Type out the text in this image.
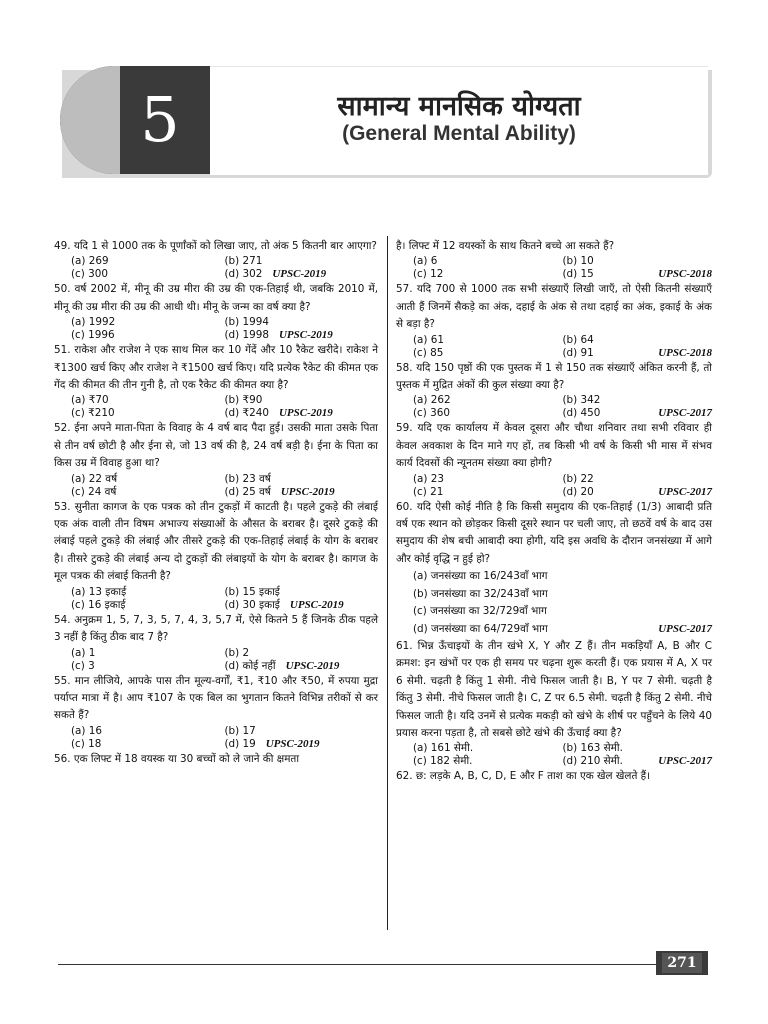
5	सामान्य मानसिक योग्यता
(General Mental Ability)
49. यदि 1 से 1000 तक के पूर्णांकों को लिखा जाए, तो अंक 5 कितनी बार आएगा?
(a) 269	(b) 271
(c) 300	(d) 302 UPSC-2019
50. वर्ष 2002 में, मीनू की उम्र मीरा की उम्र की एक-तिहाई थी, जबकि 2010 में, मीनू की उम्र मीरा की उम्र की आधी थी। मीनू के जन्म का वर्ष क्या है?
(a) 1992	(b) 1994
(c) 1996	(d) 1998 UPSC-2019
51. राकेश और राजेश ने एक साथ मिल कर 10 गेंदें और 10 रैकेट खरीदे। राकेश ने ₹1300 खर्च किए और राजेश ने ₹1500 खर्च किए। यदि प्रत्येक रैकेट की कीमत एक गेंद की कीमत की तीन गुनी है, तो एक रैकेट की कीमत क्या है?
(a) ₹70	(b) ₹90
(c) ₹210	(d) ₹240 UPSC-2019
52. ईना अपने माता-पिता के विवाह के 4 वर्ष बाद पैदा हुई। उसकी माता उसके पिता से तीन वर्ष छोटी है और ईना से, जो 13 वर्ष की है, 24 वर्ष बड़ी है। ईना के पिता का किस उम्र में विवाह हुआ था?
(a) 22 वर्ष	(b) 23 वर्ष
(c) 24 वर्ष	(d) 25 वर्ष UPSC-2019
53. सुनीता कागज के एक पत्रक को तीन टुकड़ों में काटती है। पहले टुकड़े की लंबाई एक अंक वाली तीन विषम अभाज्य संख्याओं के औसत के बराबर है। दूसरे टुकड़े की लंबाई पहले टुकड़े की लंबाई और तीसरे टुकड़े की एक-तिहाई लंबाई के योग के बराबर है। तीसरे टुकड़े की लंबाई अन्य दो टुकड़ों की लंबाइयों के योग के बराबर है। कागज के मूल पत्रक की लंबाई कितनी है?
(a) 13 इकाई	(b) 15 इकाई
(c) 16 इकाई	(d) 30 इकाई UPSC-2019
54. अनुक्रम 1, 5, 7, 3, 5, 7, 4, 3, 5,7 में, ऐसे कितने 5 हैं जिनके ठीक पहले 3 नहीं है किंतु ठीक बाद 7 है?
(a) 1	(b) 2
(c) 3	(d) कोई नहीं UPSC-2019
55. मान लीजिये, आपके पास तीन मूल्य-वर्गों, ₹1, ₹10 और ₹50, में रुपया मुद्रा पर्याप्त मात्रा में है। आप ₹107 के एक बिल का भुगतान कितने विभिन्न तरीकों से कर सकते हैं?
(a) 16	(b) 17
(c) 18	(d) 19 UPSC-2019
56. एक लिफ्ट में 18 वयस्क या 30 बच्चों को ले जाने की क्षमता
है। लिफ्ट में 12 वयस्कों के साथ कितने बच्चे आ सकते हैं?
(a) 6	(b) 10
(c) 12	(d) 15	UPSC-2018
57. यदि 700 से 1000 तक सभी संख्याएँ लिखी जाएँ, तो ऐसी कितनी संख्याएँ आती हैं जिनमें सैकड़े का अंक, दहाई के अंक से तथा दहाई का अंक, इकाई के अंक से बड़ा है?
(a) 61	(b) 64
(c) 85	(d) 91	UPSC-2018
58. यदि 150 पृष्ठों की एक पुस्तक में 1 से 150 तक संख्याएँ अंकित करनी हैं, तो पुस्तक में मुद्रित अंकों की कुल संख्या क्या है?
(a) 262	(b) 342
(c) 360	(d) 450	UPSC-2017
59. यदि एक कार्यालय में केवल दूसरा और चौथा शनिवार तथा सभी रविवार ही केवल अवकाश के दिन माने गए हों, तब किसी भी वर्ष के किसी भी मास में संभव कार्य दिवसों की न्यूनतम संख्या क्या होगी?
(a) 23	(b) 22
(c) 21	(d) 20	UPSC-2017
60. यदि ऐसी कोई नीति है कि किसी समुदाय की एक-तिहाई (1/3) आबादी प्रति वर्ष एक स्थान को छोड़कर किसी दूसरे स्थान पर चली जाए, तो छठवें वर्ष के बाद उस समुदाय की शेष बची आबादी क्या होगी, यदि इस अवधि के दौरान जनसंख्या में आगे और कोई वृद्धि न हुई हो?
(a) जनसंख्या का 16/243वाँ भाग
(b) जनसंख्या का 32/243वाँ भाग
(c) जनसंख्या का 32/729वाँ भाग
(d) जनसंख्या का 64/729वाँ भाग	UPSC-2017
61. भिन्न ऊँचाइयों के तीन खंभे X, Y और Z हैं। तीन मकड़ियाँ A, B और C क्रमश: इन खंभों पर एक ही समय पर चढ़ना शुरू करती हैं। एक प्रयास में A, X पर 6 सेमी. चढ़ती है किंतु 1 सेमी. नीचे फिसल जाती है। B, Y पर 7 सेमी. चढ़ती है किंतु 3 सेमी. नीचे फिसल जाती है। C, Z पर 6.5 सेमी. चढ़ती है किंतु 2 सेमी. नीचे फिसल जाती है। यदि उनमें से प्रत्येक मकड़ी को खंभे के शीर्ष पर पहुँचने के लिये 40 प्रयास करना पड़ता है, तो सबसे छोटे खंभे की ऊँचाई क्या है?
(a) 161 सेमी.	(b) 163 सेमी.
(c) 182 सेमी.	(d) 210 सेमी.	UPSC-2017
62. छ: लड़के A, B, C, D, E और F ताश का एक खेल खेलते हैं।
271
